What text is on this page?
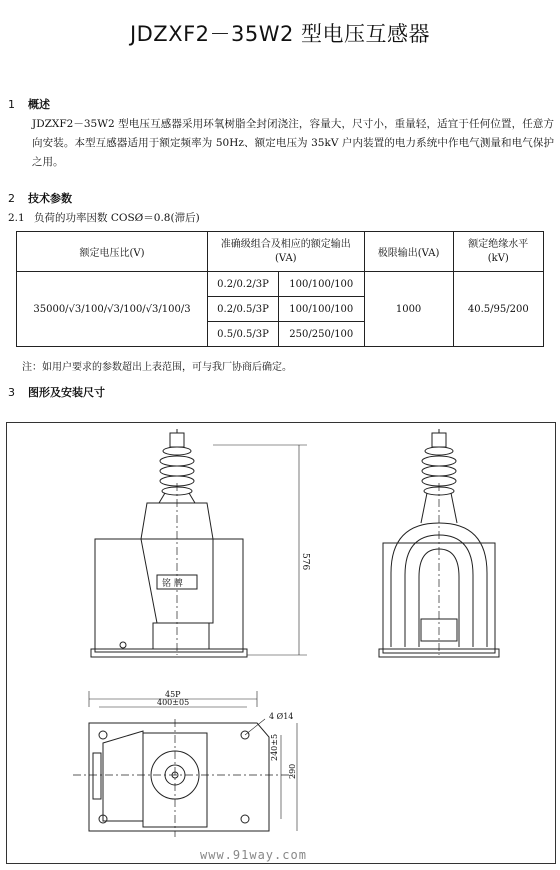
JDZXF2－35W2 型电压互感器
1 概述
JDZXF2－35W2 型电压互感器采用环氧树脂全封闭浇注，容量大，尺寸小，重量轻，适宜于任何位置，任意方向安装。本型互感器适用于额定频率为 50Hz、额定电压为 35kV 户内装置的电力系统中作电气测量和电气保护之用。
2 技术参数
2.1 负荷的功率因数 COSØ＝0.8(滞后)
额定电压比(V)	准确级组合及相应的额定输出(VA)		极限输出(VA)	额定绝缘水平(kV)
35000/√3/100/√3/100/√3/100/3	0.2/0.2/3P	100/100/100	1000	40.5/95/200
	0.2/0.5/3P	100/100/100		
	0.5/0.5/3P	250/250/100		
注：如用户要求的参数超出上表范围，可与我厂协商后确定。
3 图形及安装尺寸
铭 牌
576
45P
400±05
4 Ø14
240±5
290
www.91way.com
